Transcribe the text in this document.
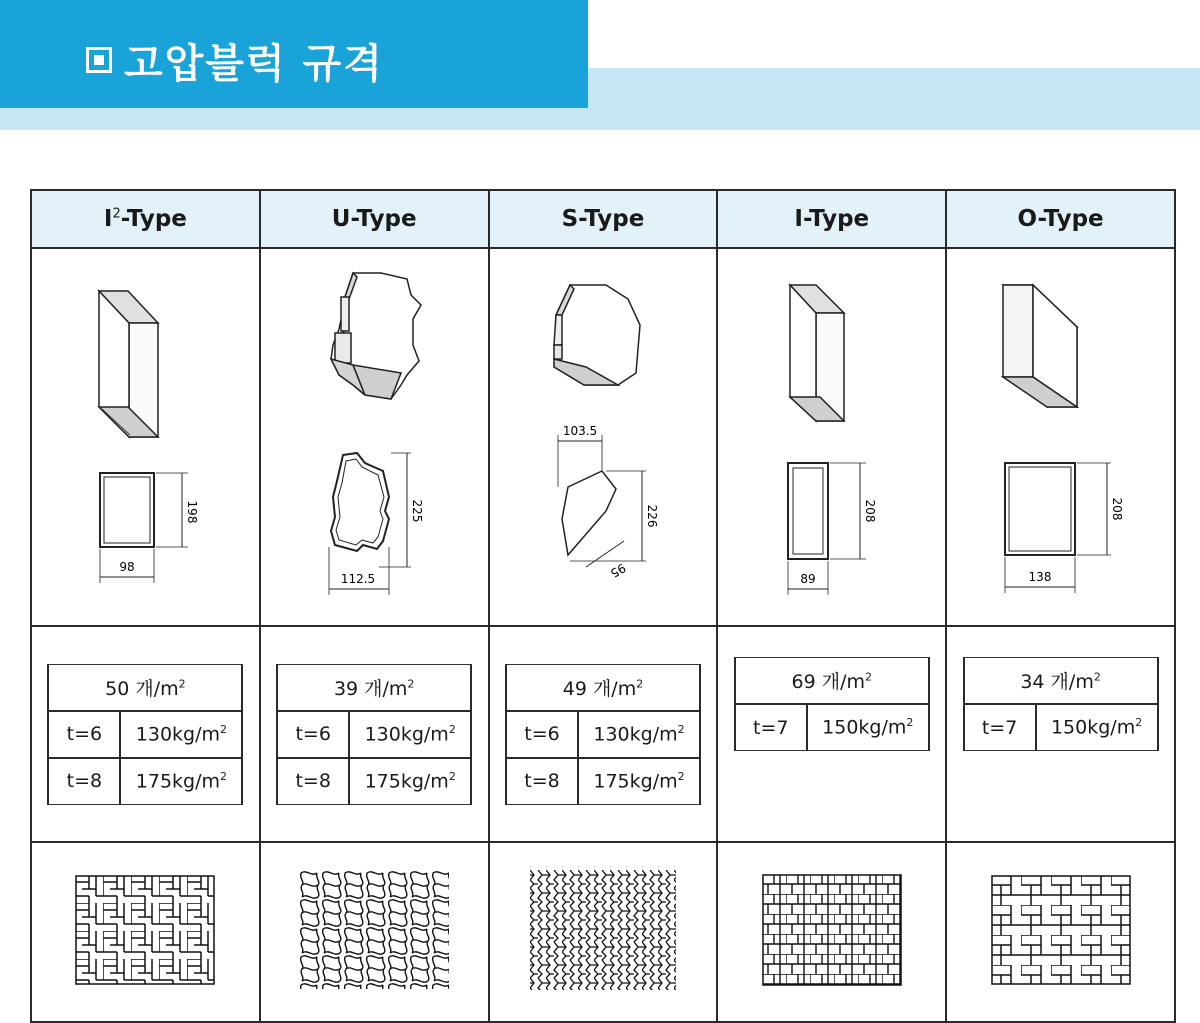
고압블럭 규격
$I^2$-Type	U-Type	S-Type	I-Type	O-Type

198
98

225
112.5

103.5
226
95

208
89

208
138

50 개$/m^2$
t=6	$130kg/m^2$
t=8	$175kg/m^2$

39 개$/m^2$
t=6	$130kg/m^2$
t=8	$175kg/m^2$

49 개$/m^2$
t=6	$130kg/m^2$
t=8	$175kg/m^2$

69 개$/m^2$
t=7	$150kg/m^2$

34 개$/m^2$
t=7	$150kg/m^2$
